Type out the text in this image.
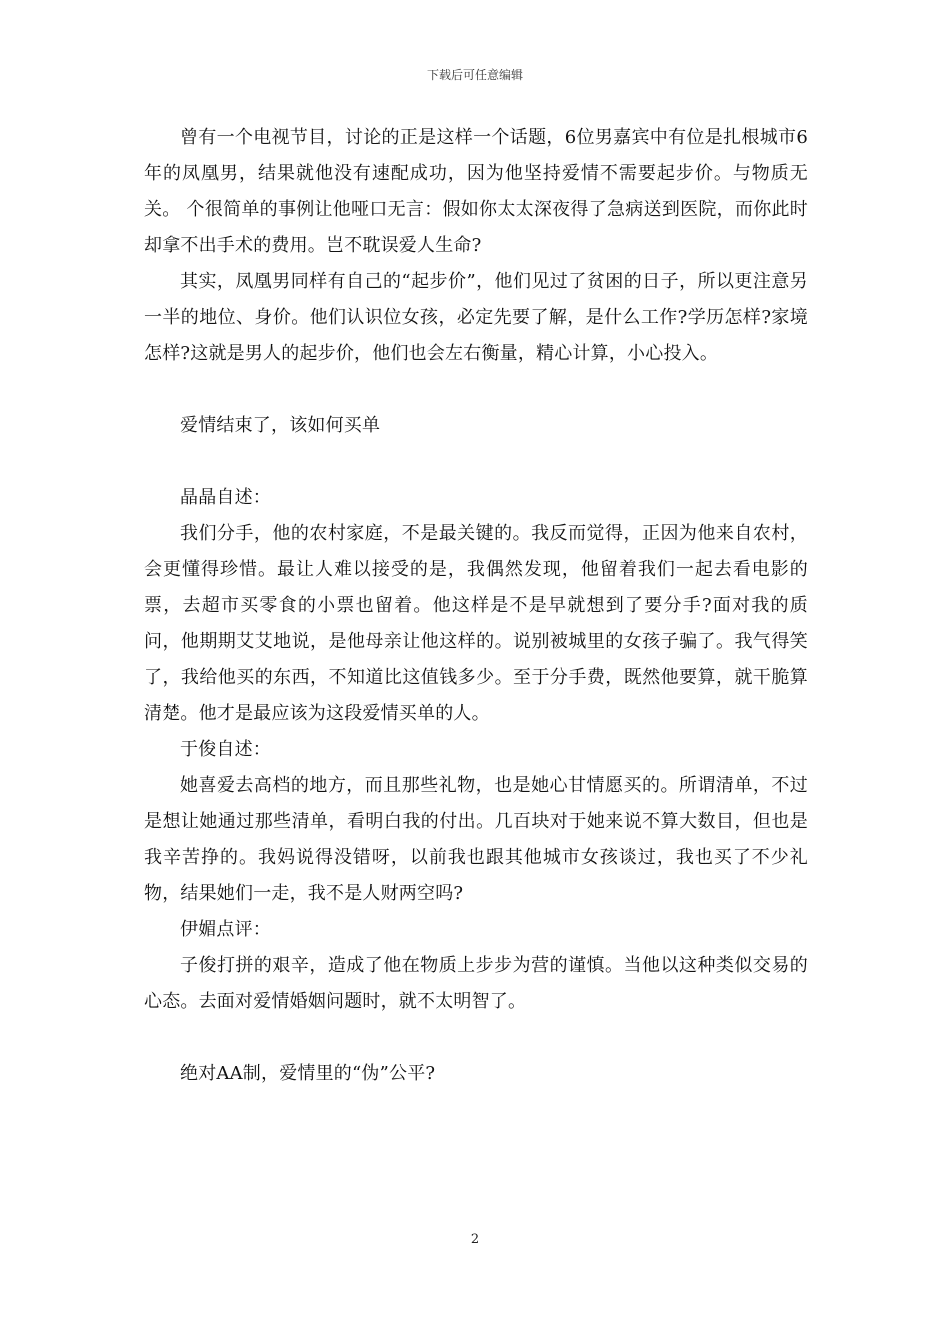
下载后可任意编辑

曾有一个电视节目，讨论的正是这样一个话题，6位男嘉宾中有位是扎根城市6年的凤凰男，结果就他没有速配成功，因为他坚持爱情不需要起步价。与物质无关。 个很简单的事例让他哑口无言：假如你太太深夜得了急病送到医院，而你此时却拿不出手术的费用。岂不耽误爱人生命?

其实，凤凰男同样有自己的“起步价”，他们见过了贫困的日子，所以更注意另一半的地位、身价。他们认识位女孩，必定先要了解，是什么工作?学历怎样?家境怎样?这就是男人的起步价，他们也会左右衡量，精心计算，小心投入。

爱情结束了，该如何买单

晶晶自述：

我们分手，他的农村家庭，不是最关键的。我反而觉得，正因为他来自农村，会更懂得珍惜。最让人难以接受的是，我偶然发现，他留着我们一起去看电影的票，去超市买零食的小票也留着。他这样是不是早就想到了要分手?面对我的质问，他期期艾艾地说，是他母亲让他这样的。说别被城里的女孩子骗了。我气得笑了，我给他买的东西，不知道比这值钱多少。至于分手费，既然他要算，就干脆算清楚。他才是最应该为这段爱情买单的人。

于俊自述：

她喜爱去高档的地方，而且那些礼物，也是她心甘情愿买的。所谓清单，不过是想让她通过那些清单，看明白我的付出。几百块对于她来说不算大数目，但也是我辛苦挣的。我妈说得没错呀，以前我也跟其他城市女孩谈过，我也买了不少礼物，结果她们一走，我不是人财两空吗?

伊媚点评：

子俊打拼的艰辛，造成了他在物质上步步为营的谨慎。当他以这种类似交易的心态。去面对爱情婚姻问题时，就不太明智了。

绝对AA制，爱情里的“伪”公平?

2
